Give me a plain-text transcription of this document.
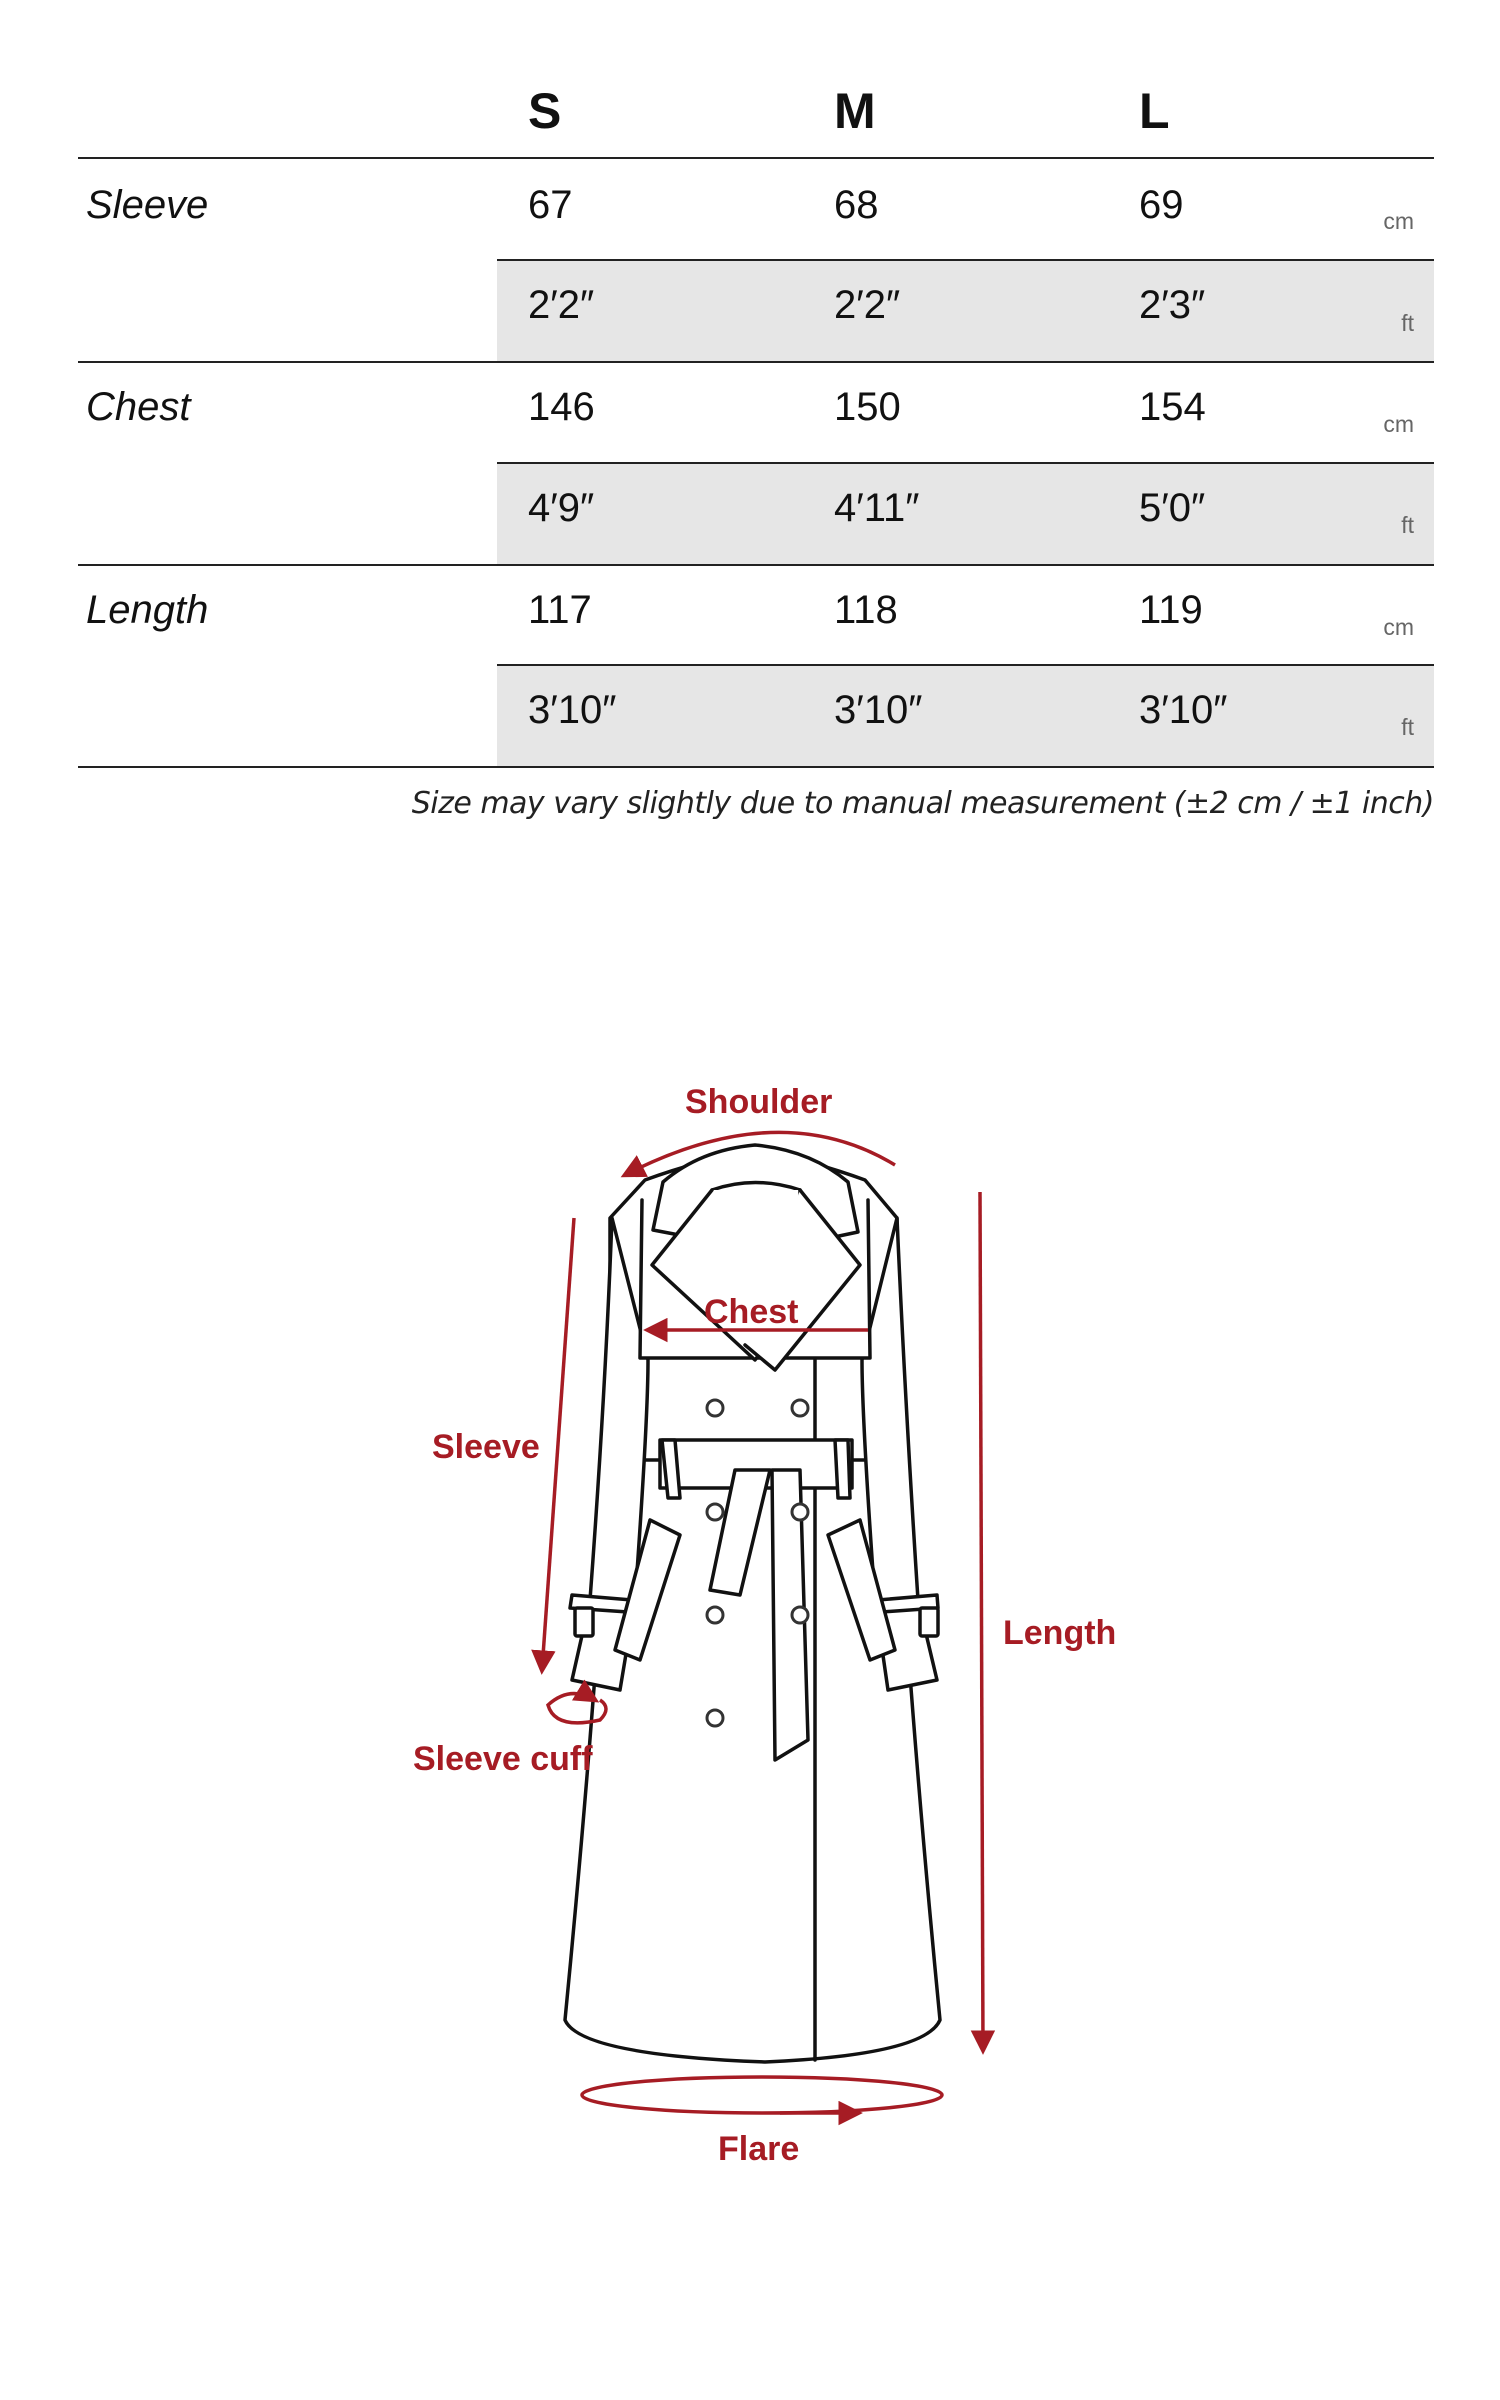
S	M	L
Sleeve	67	68	69	cm
2′2″	2′2″	2′3″	ft
Chest	146	150	154	cm
4′9″	4′11″	5′0″	ft
Length	117	118	119	cm
3′10″	3′10″	3′10″	ft
Size may vary slightly due to manual measurement (±2 cm / ±1 inch)
Shoulder
Chest
Sleeve
Length
Sleeve cuff
Flare
